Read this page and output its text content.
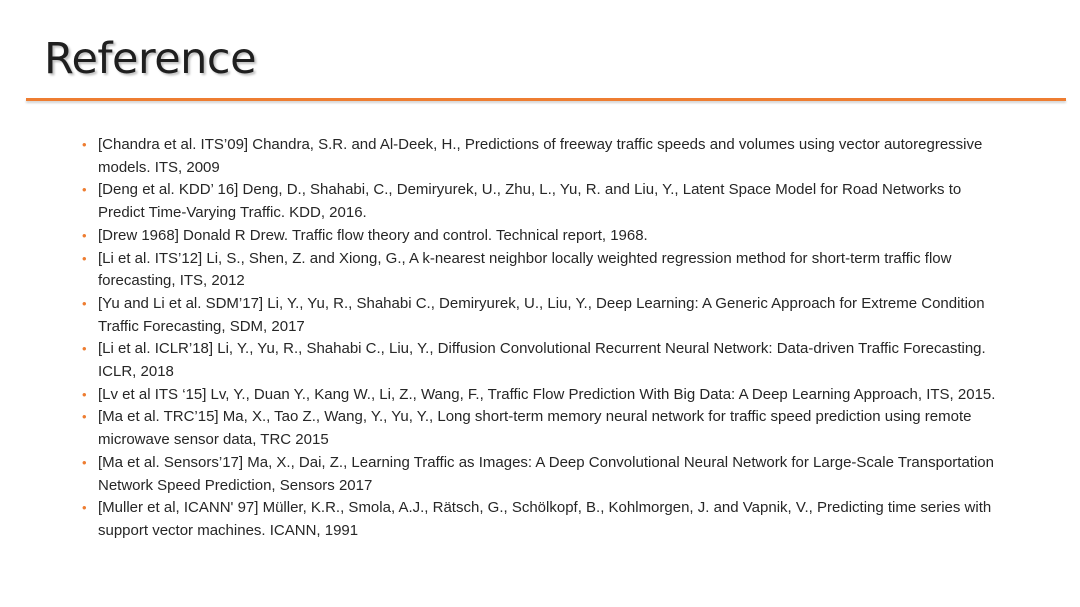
Reference
• [Chandra et al. ITS’09] Chandra, S.R. and Al-Deek, H., Predictions of freeway traffic speeds and volumes using vector autoregressive models. ITS, 2009
• [Deng et al. KDD’ 16] Deng, D., Shahabi, C., Demiryurek, U., Zhu, L., Yu, R. and Liu, Y., Latent Space Model for Road Networks to Predict Time-Varying Traffic. KDD, 2016.
• [Drew 1968] Donald R Drew. Traffic flow theory and control. Technical report, 1968.
• [Li et al. ITS’12] Li, S., Shen, Z. and Xiong, G., A k-nearest neighbor locally weighted regression method for short-term traffic flow forecasting, ITS, 2012
• [Yu and Li et al. SDM’17] Li, Y., Yu, R., Shahabi C., Demiryurek, U., Liu, Y., Deep Learning: A Generic Approach for Extreme Condition Traffic Forecasting, SDM, 2017
• [Li et al. ICLR’18] Li, Y., Yu, R., Shahabi C., Liu, Y., Diffusion Convolutional Recurrent Neural Network: Data-driven Traffic Forecasting. ICLR, 2018
• [Lv et al ITS ‘15] Lv, Y., Duan Y., Kang W., Li, Z., Wang, F., Traffic Flow Prediction With Big Data: A Deep Learning Approach, ITS, 2015.
• [Ma et al. TRC’15] Ma, X., Tao Z., Wang, Y., Yu, Y., Long short-term memory neural network for traffic speed prediction using remote microwave sensor data, TRC 2015
• [Ma et al. Sensors’17] Ma, X., Dai, Z., Learning Traffic as Images: A Deep Convolutional Neural Network for Large-Scale Transportation Network Speed Prediction, Sensors 2017
• [Muller et al, ICANN' 97] Müller, K.R., Smola, A.J., Rätsch, G., Schölkopf, B., Kohlmorgen, J. and Vapnik, V., Predicting time series with support vector machines. ICANN, 1991
